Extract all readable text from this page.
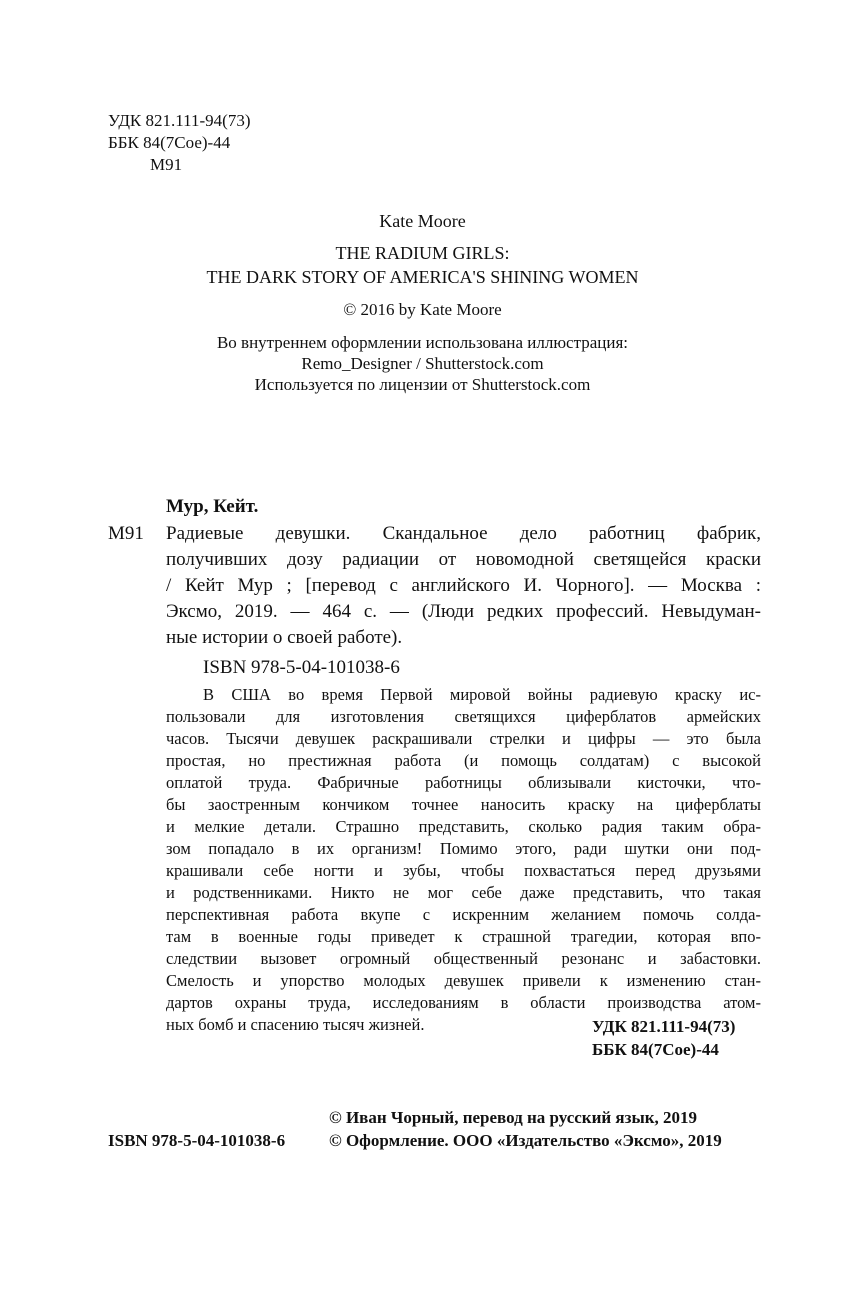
УДК 821.111-94(73)
ББК 84(7Сое)-44
М91
Kate Moore
THE RADIUM GIRLS:
THE DARK STORY OF AMERICA'S SHINING WOMEN
© 2016 by Kate Moore
Во внутреннем оформлении использована иллюстрация:
Remo_Designer / Shutterstock.com
Используется по лицензии от Shutterstock.com
Мур, Кейт.
М91 Радиевые девушки. Скандальное дело работниц фабрик,
получивших дозу радиации от новомодной светящейся краски
/ Кейт Мур ; [перевод с английского И. Чорного]. — Москва :
Эксмо, 2019. — 464 с. — (Люди редких профессий. Невыдуман-
ные истории о своей работе).
ISBN 978-5-04-101038-6
В США во время Первой мировой войны радиевую краску ис-
пользовали для изготовления светящихся циферблатов армейских
часов. Тысячи девушек раскрашивали стрелки и цифры — это была
простая, но престижная работа (и помощь солдатам) с высокой
оплатой труда. Фабричные работницы облизывали кисточки, что-
бы заостренным кончиком точнее наносить краску на циферблаты
и мелкие детали. Страшно представить, сколько радия таким обра-
зом попадало в их организм! Помимо этого, ради шутки они под-
крашивали себе ногти и зубы, чтобы похвастаться перед друзьями
и родственниками. Никто не мог себе даже представить, что такая
перспективная работа вкупе с искренним желанием помочь солда-
там в военные годы приведет к страшной трагедии, которая впо-
следствии вызовет огромный общественный резонанс и забастовки.
Смелость и упорство молодых девушек привели к изменению стан-
дартов охраны труда, исследованиям в области производства атом-
ных бомб и спасению тысяч жизней.	УДК 821.111-94(73)
ББК 84(7Сое)-44
© Иван Чорный, перевод на русский язык, 2019
ISBN 978-5-04-101038-6	© Оформление. ООО «Издательство «Эксмо», 2019
